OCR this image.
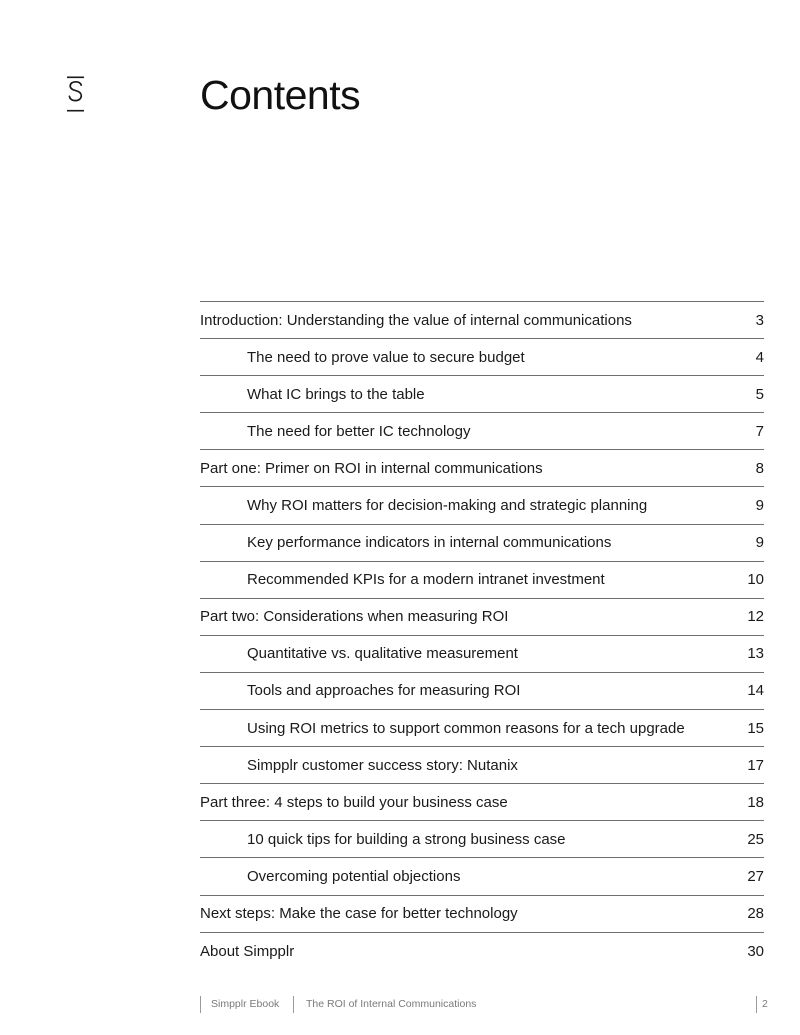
Contents
Introduction: Understanding the value of internal communications	3
The need to prove value to secure budget	4
What IC brings to the table	5
The need for better IC technology	7
Part one: Primer on ROI in internal communications	8
Why ROI matters for decision-making and strategic planning	9
Key performance indicators in internal communications	9
Recommended KPIs for a modern intranet investment	10
Part two: Considerations when measuring ROI	12
Quantitative vs. qualitative measurement	13
Tools and approaches for measuring ROI	14
Using ROI metrics to support common reasons for a tech upgrade	15
Simpplr customer success story: Nutanix	17
Part three: 4 steps to build your business case	18
10 quick tips for building a strong business case	25
Overcoming potential objections	27
Next steps: Make the case for better technology	28
About Simpplr	30
Simpplr Ebook	The ROI of Internal Communications	2
